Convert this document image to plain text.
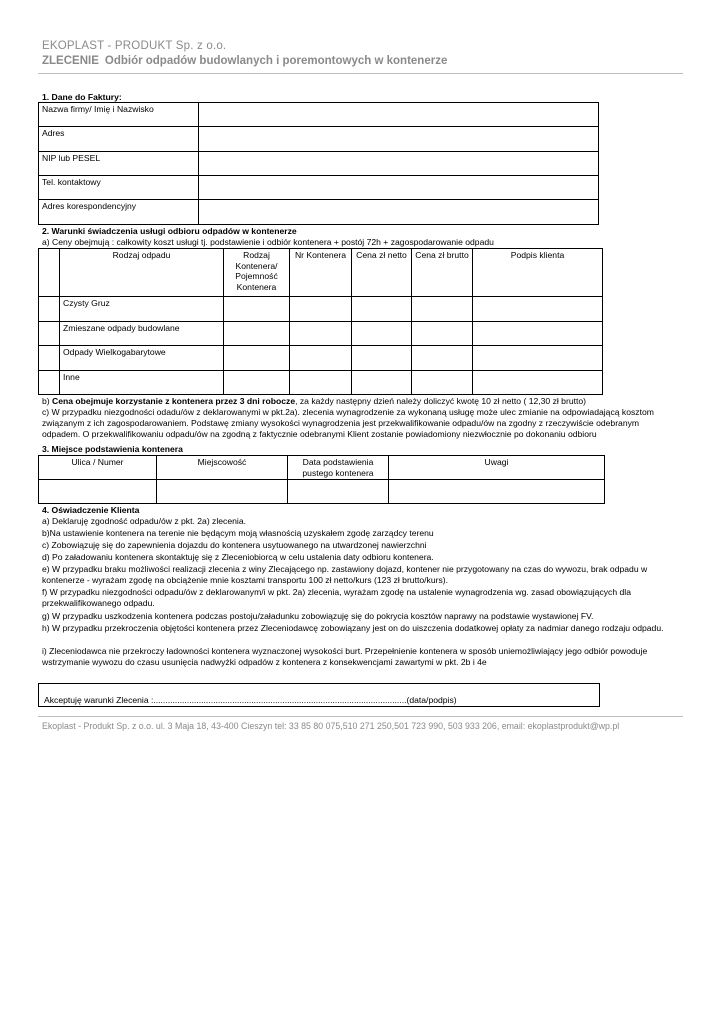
EKOPLAST - PRODUKT Sp. z o.o.
ZLECENIE Odbiór odpadów budowlanych i poremontowych w kontenerze
1. Dane do Faktury:
Nazwa firmy/ Imię i Nazwisko	
Adres	
NIP lub PESEL	
Tel. kontaktowy	
Adres korespondencyjny	
2. Warunki świadczenia usługi odbioru odpadów w kontenerze
a) Ceny obejmują : całkowity koszt usługi tj. podstawienie i odbiór kontenera + postój 72h + zagospodarowanie odpadu
	Rodzaj odpadu	Rodzaj Kontenera/ Pojemność Kontenera	Nr Kontenera	Cena zł netto	Cena zł brutto	Podpis klienta
	Czysty Gruz					
	Zmieszane odpady budowlane					
	Odpady Wielkogabarytowe					
	Inne					
b) Cena obejmuje korzystanie z kontenera przez 3 dni robocze, za każdy następny dzień należy doliczyć kwotę 10 zł netto ( 12,30 zł brutto)
c) W przypadku niezgodności odadu/ów z deklarowanymi w pkt.2a). zlecenia wynagrodzenie za wykonaną usługę może ulec zmianie na odpowiadającą kosztom związanym z ich zagospodarowaniem. Podstawę zmiany wysokości wynagrodzenia jest przekwalifikowanie odpadu/ów na zgodny z rzeczywiście odebranym odpadem. O przekwalifikowaniu odpadu/ów na zgodną z faktycznie odebranymi Klient zostanie powiadomiony niezwłocznie po dokonaniu odbioru
3. Miejsce podstawienia kontenera
Ulica / Numer	Miejscowość	Data podstawienia pustego kontenera	Uwagi

4. Oświadczenie Klienta
a) Deklaruję zgodność odpadu/ów z pkt. 2a) zlecenia.
b)Na ustawienie kontenera na terenie nie będącym moją własnością uzyskałem zgodę zarządcy terenu
c) Zobowiązuję się do zapewnienia dojazdu do kontenera usytuowanego na utwardzonej nawierzchni
d) Po załadowaniu kontenera skontaktuję się z Zleceniobiorcą w celu ustalenia daty odbioru kontenera.
e) W przypadku braku możliwości realizacji zlecenia z winy Zlecającego np. zastawiony dojazd, kontener nie przygotowany na czas do wywozu, brak odpadu w kontenerze - wyrażam zgodę na obciążenie mnie kosztami transportu 100 zł netto/kurs (123 zł brutto/kurs).
f) W przypadku niezgodności odpadu/ów z deklarowanym/i w pkt. 2a) zlecenia, wyrażam zgodę na ustalenie wynagrodzenia wg. zasad obowiązujących dla przekwalifikowanego odpadu.
g) W przypadku uszkodzenia kontenera podczas postoju/załadunku zobowiązuję się do pokrycia kosztów naprawy na podstawie wystawionej FV.
h) W przypadku przekroczenia objętości kontenera przez Zleceniodawcę zobowiązany jest on do uiszczenia dodatkowej opłaty za nadmiar danego rodzaju odpadu.
i) Zleceniodawca nie przekroczy ładowności kontenera wyznaczonej wysokości burt. Przepełnienie kontenera w sposób uniemożliwiający jego odbiór powoduje wstrzymanie wywozu do czasu usunięcia nadwyżki odpadów z kontenera z konsekwencjami zawartymi w pkt. 2b i 4e
Akceptuję warunki Zlecenia :..........................................................................................................(data/podpis)
Ekoplast - Produkt Sp. z o.o. ul. 3 Maja 18, 43-400 Cieszyn tel: 33 85 80 075,510 271 250,501 723 990, 503 933 206, email: ekoplastprodukt@wp.pl
